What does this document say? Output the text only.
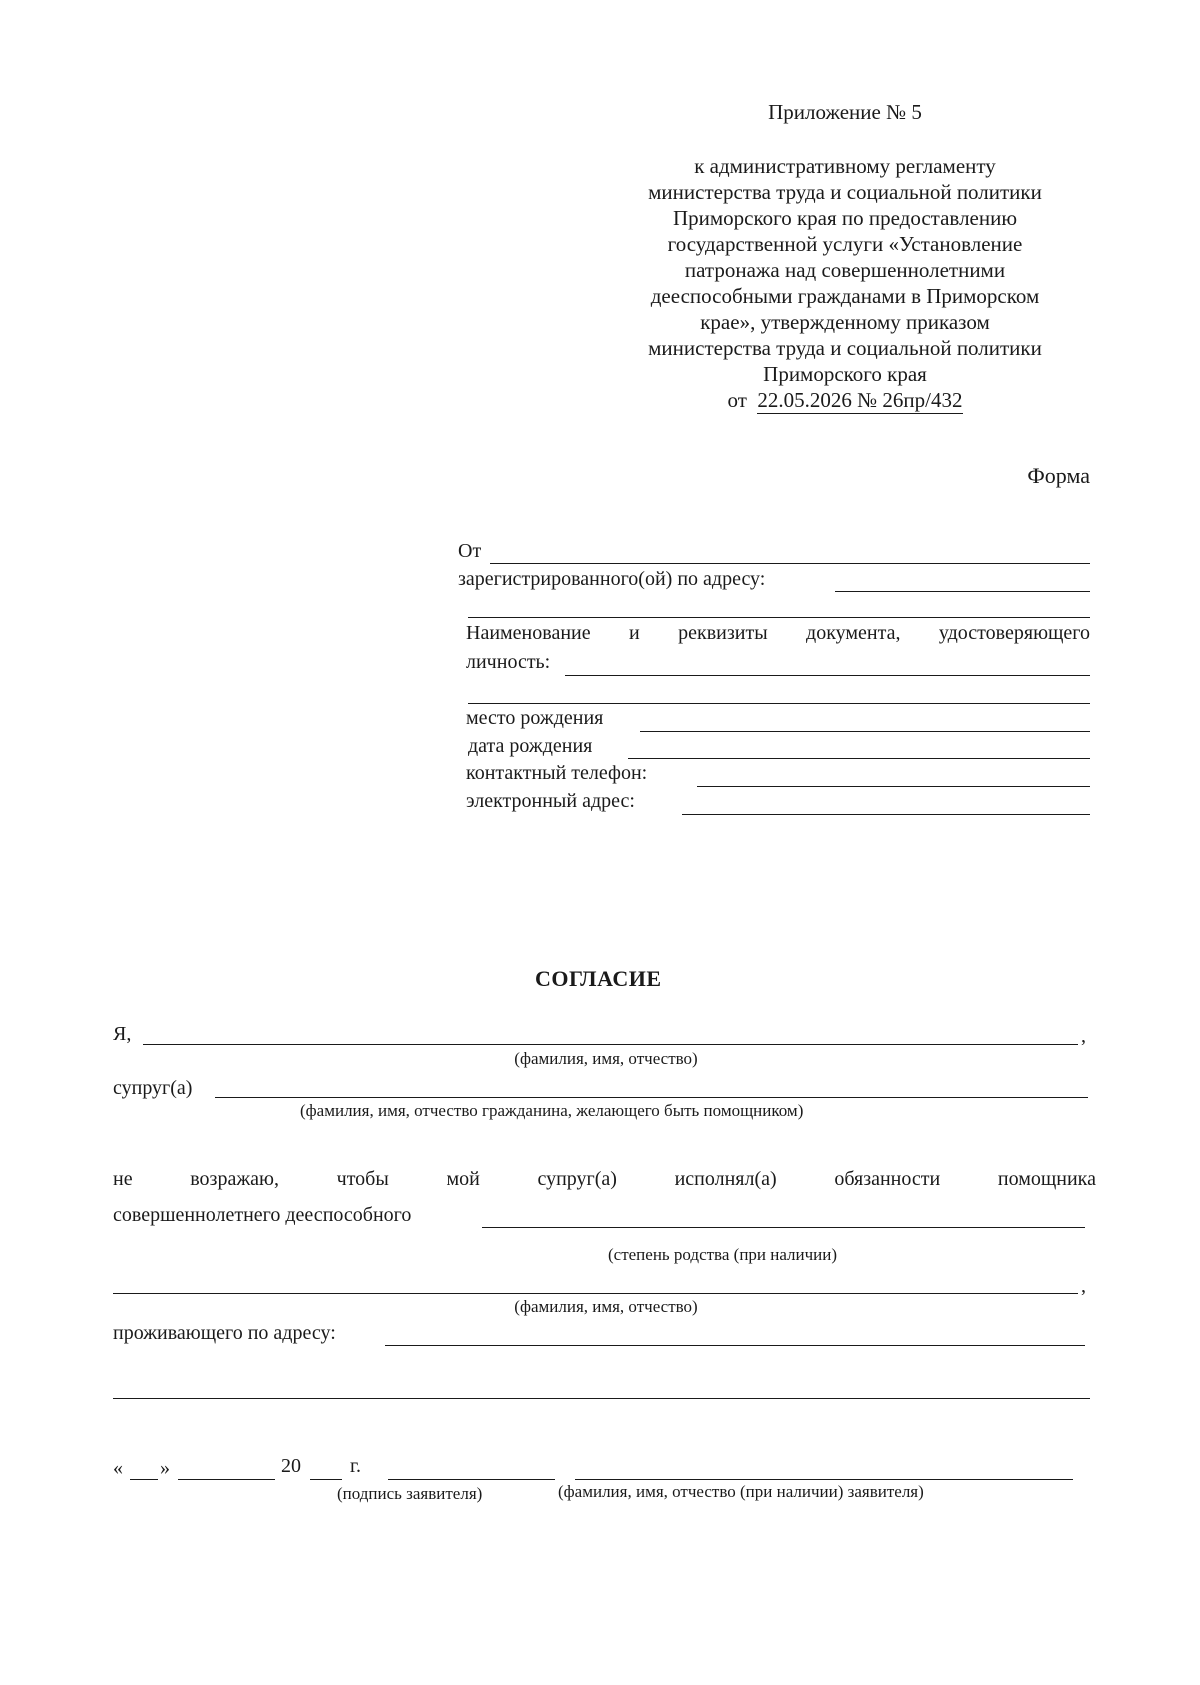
Приложение № 5
к административному регламенту
министерства труда и социальной политики
Приморского края по предоставлению
государственной услуги «Установление
патронажа над совершеннолетними
дееспособными гражданами в Приморском
крае», утвержденному приказом
министерства труда и социальной политики
Приморского края
от 22.05.2026 № 26пр/432
Форма
От
зарегистрированного(ой) по адресу:
Наименование и реквизиты документа, удостоверяющего
личность:
место рождения
дата рождения
контактный телефон:
электронный адрес:
СОГЛАСИЕ
Я,	,
(фамилия, имя, отчество)
супруг(а)
(фамилия, имя, отчество гражданина, желающего быть помощником)
не	возражаю,	чтобы	мой	супруг(а)	исполнял(а)	обязанности	помощника
совершеннолетнего дееспособного
(степень родства (при наличии)
,
(фамилия, имя, отчество)
проживающего по адресу:
« »	20 г.
(подпись заявителя)	(фамилия, имя, отчество (при наличии) заявителя)
